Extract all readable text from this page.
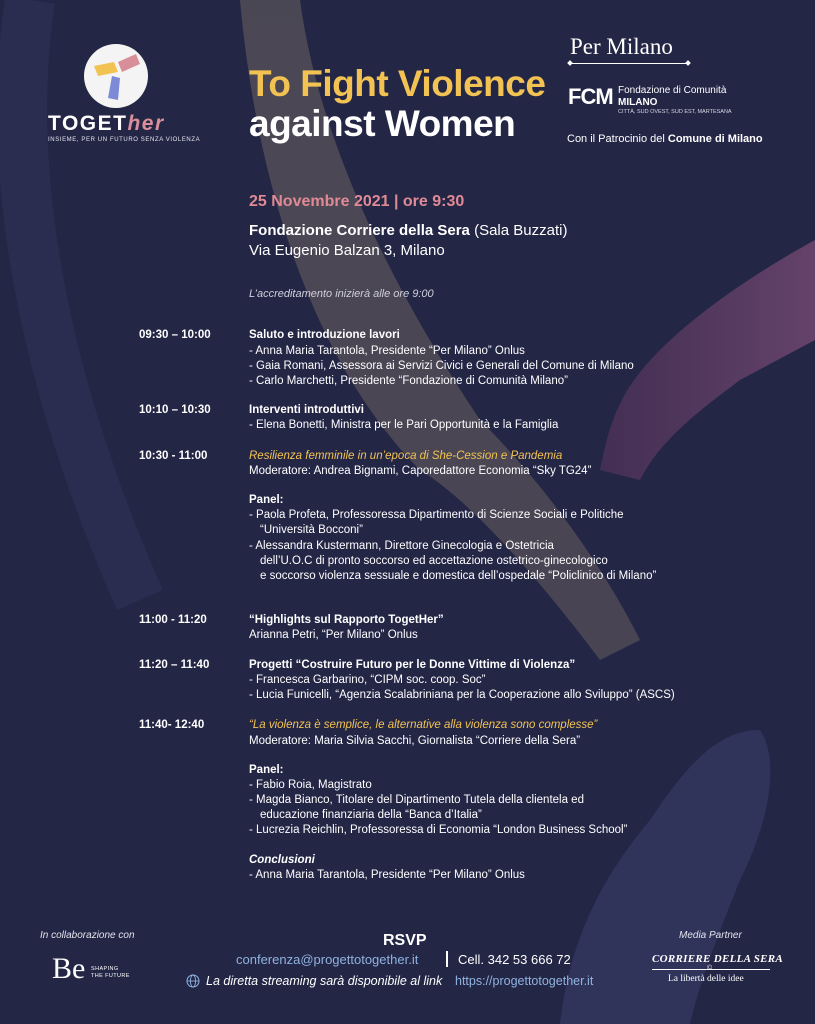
TOGETher
INSIEME, PER UN FUTURO SENZA VIOLENZA
To Fight Violence
against Women
Per Milano
FCM Fondazione di Comunità
MILANO
CITTÀ, SUD OVEST, SUD EST, MARTESANA
Con il Patrocinio del Comune di Milano
25 Novembre 2021 | ore 9:30
Fondazione Corriere della Sera (Sala Buzzati)
Via Eugenio Balzan 3, Milano
L’accreditamento inizierà alle ore 9:00
09:30 – 10:00	Saluto e introduzione lavori
- Anna Maria Tarantola, Presidente “Per Milano” Onlus
- Gaia Romani, Assessora ai Servizi Civici e Generali del Comune di Milano
- Carlo Marchetti, Presidente “Fondazione di Comunità Milano”
10:10 – 10:30	Interventi introduttivi
- Elena Bonetti, Ministra per le Pari Opportunità e la Famiglia
10:30 - 11:00	Resilienza femminile in un’epoca di She-Cession e Pandemia
Moderatore: Andrea Bignami, Caporedattore Economia “Sky TG24”
Panel:
- Paola Profeta, Professoressa Dipartimento di Scienze Sociali e Politiche
“Università Bocconi”
- Alessandra Kustermann, Direttore Ginecologia e Ostetricia
dell’U.O.C di pronto soccorso ed accettazione ostetrico-ginecologico
e soccorso violenza sessuale e domestica dell’ospedale “Policlinico di Milano”
11:00 - 11:20	“Highlights sul Rapporto TogetHer”
Arianna Petri, “Per Milano” Onlus
11:20 – 11:40	Progetti “Costruire Futuro per le Donne Vittime di Violenza”
- Francesca Garbarino, “CIPM soc. coop. Soc”
- Lucia Funicelli, “Agenzia Scalabriniana per la Cooperazione allo Sviluppo” (ASCS)
11:40- 12:40	“La violenza è semplice, le alternative alla violenza sono complesse”
Moderatore: Maria Silvia Sacchi, Giornalista “Corriere della Sera”
Panel:
- Fabio Roia, Magistrato
- Magda Bianco, Titolare del Dipartimento Tutela della clientela ed
educazione finanziaria della “Banca d’Italia”
- Lucrezia Reichlin, Professoressa di Economia “London Business School”
Conclusioni
- Anna Maria Tarantola, Presidente “Per Milano” Onlus
In collaborazione con
Be SHAPING
THE FUTURE
RSVP
conferenza@progettotogether.it	Cell. 342 53 666 72
La diretta streaming sarà disponibile al link https://progettotogether.it
Media Partner
CORRIERE DELLA SERA
©
La libertà delle idee
